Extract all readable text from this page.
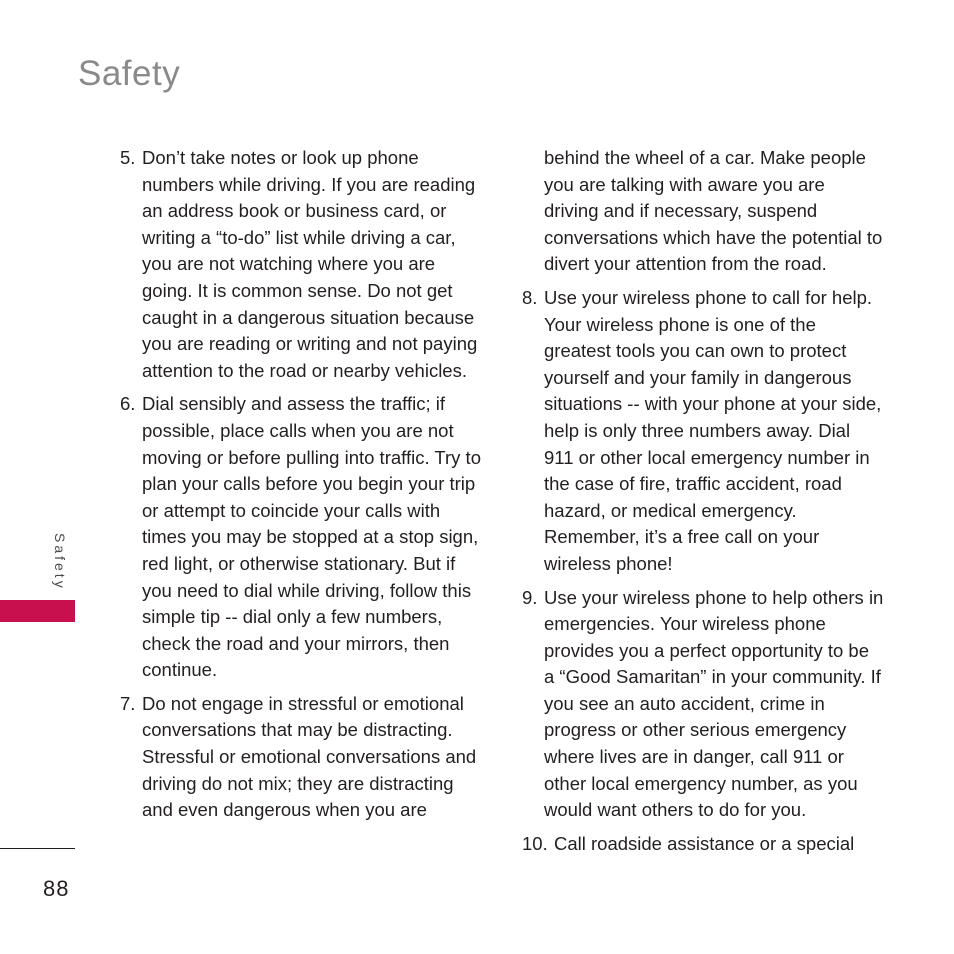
Safety
5. Don’t take notes or look up phone numbers while driving. If you are reading an address book or business card, or writing a “to-do” list while driving a car, you are not watching where you are going. It is common sense. Do not get caught in a dangerous situation because you are reading or writing and not paying attention to the road or nearby vehicles.
6. Dial sensibly and assess the traffic; if possible, place calls when you are not moving or before pulling into traffic. Try to plan your calls before you begin your trip or attempt to coincide your calls with times you may be stopped at a stop sign, red light, or otherwise stationary. But if you need to dial while driving, follow this simple tip -- dial only a few numbers, check the road and your mirrors, then continue.
7. Do not engage in stressful or emotional conversations that may be distracting. Stressful or emotional conversations and driving do not mix; they are distracting and even dangerous when you are
behind the wheel of a car. Make people you are talking with aware you are driving and if necessary, suspend conversations which have the potential to divert your attention from the road.
8. Use your wireless phone to call for help. Your wireless phone is one of the greatest tools you can own to protect yourself and your family in dangerous situations -- with your phone at your side, help is only three numbers away. Dial 911 or other local emergency number in the case of fire, traffic accident, road hazard, or medical emergency. Remember, it’s a free call on your wireless phone!
9. Use your wireless phone to help others in emergencies. Your wireless phone provides you a perfect opportunity to be a “Good Samaritan” in your community. If you see an auto accident, crime in progress or other serious emergency where lives are in danger, call 911 or other local emergency number, as you would want others to do for you.
10. Call roadside assistance or a special
Safety
88
